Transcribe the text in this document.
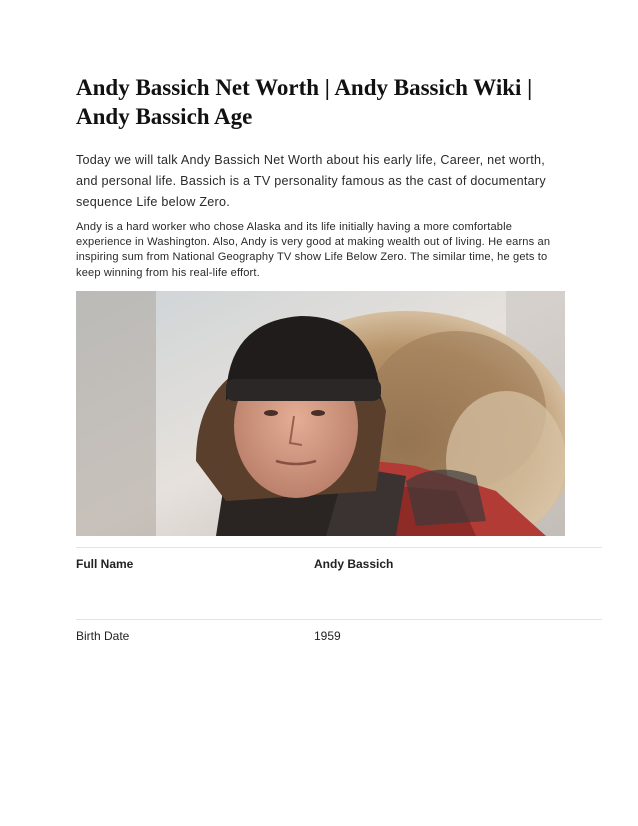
Andy Bassich Net Worth | Andy Bassich Wiki | Andy Bassich Age

Today we will talk Andy Bassich Net Worth about his early life, Career, net worth, and personal life. Bassich is a TV personality famous as the cast of documentary sequence Life below Zero.

Andy is a hard worker who chose Alaska and its life initially having a more comfortable experience in Washington. Also, Andy is very good at making wealth out of living. He earns an inspiring sum from National Geography TV show Life Below Zero. The similar time, he gets to keep winning from his real-life effort.

Full Name	Andy Bassich
Birth Date	1959
